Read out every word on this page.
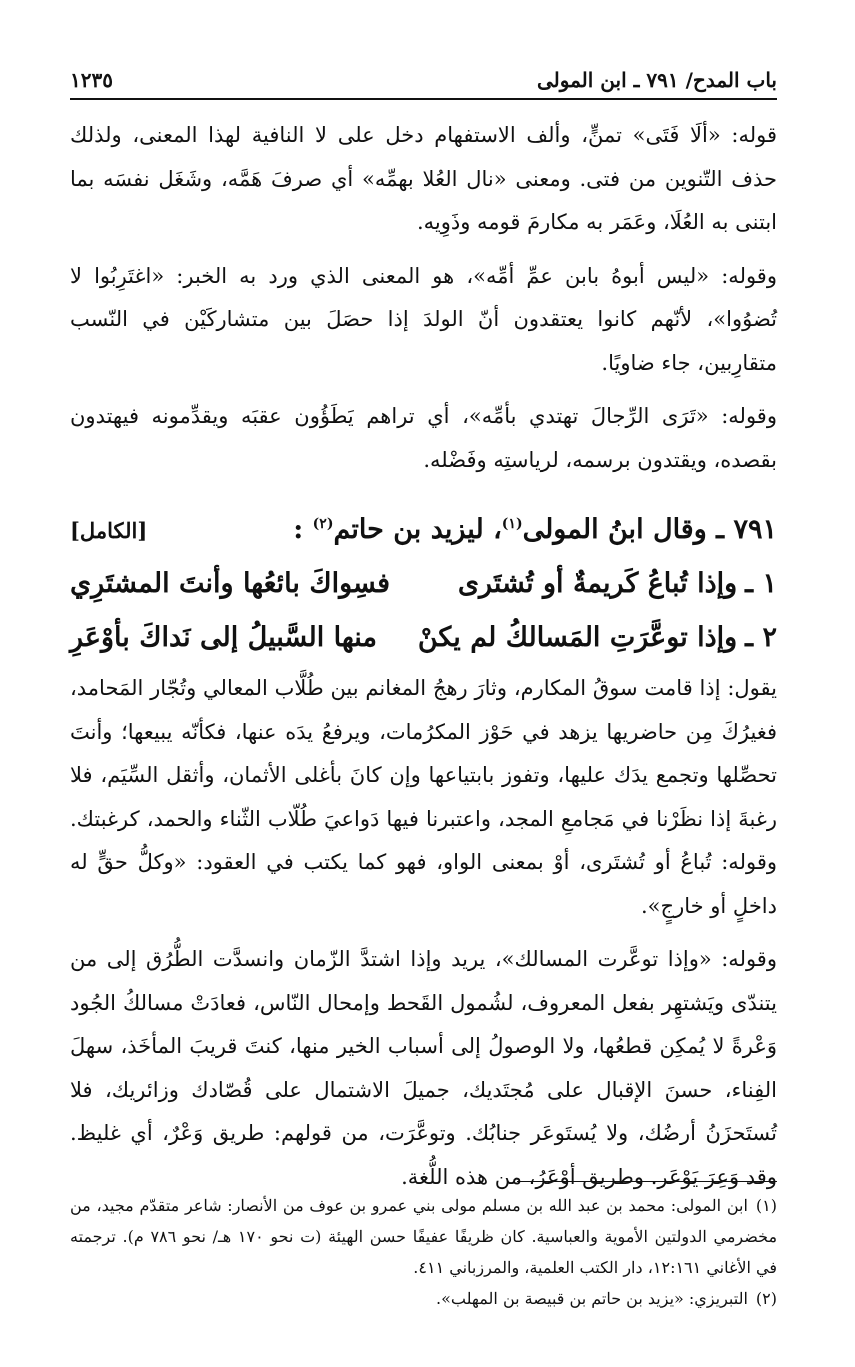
باب المدح/ ٧٩١ ـ ابن المولى
١٢٣٥

قوله: «ألَا فَتَى» تمنٍّ، وألف الاستفهام دخل على لا النافية لهذا المعنى، ولذلك حذف التّنوين من فتى. ومعنى «نال العُلا بهمِّه» أي صرفَ هَمَّه، وشَغَل نفسَه بما ابتنى به العُلَا، وعَمَر به مكارمَ قومه وذَوِيه.

وقوله: «ليس أبوهُ بابن عمِّ أمِّه»، هو المعنى الذي ورد به الخبر: «اغتَرِبُوا لا تُضوُوا»، لأنّهم كانوا يعتقدون أنّ الولدَ إذا حصَلَ بين متشاركَيْن في النّسب متقارِبين، جاء ضاويًا.

وقوله: «تَرَى الرِّجالَ تهتدي بأمِّه»، أي تراهم يَطَؤُون عقبَه ويقدِّمونه فيهتدون بقصده، ويقتدون برسمه، لرياستِه وفَضْله.

٧٩١ ـ وقال ابنُ المولى$^{(١)}$، ليزيد بن حاتم$^{(٢)}$ :
[الكامل]
١ ـ
وإذا تُباعُ كَريمةٌ أو تُشتَرى
فسِواكَ بائعُها وأنتَ المشتَرِي
٢ ـ
وإذا توعَّرَتِ المَسالكُ لم يكنْ
منها السَّبيلُ إلى نَداكَ بأوْعَرِ

يقول: إذا قامت سوقُ المكارم، وثارَ رهجُ المغانم بين طُلَّاب المعالي وتُجّار المَحامد، فغيرُكَ مِن حاضريها يزهد في حَوْز المكرُمات، ويرفعُ يدَه عنها، فكأنّه يبيعها؛ وأنتَ تحصِّلها وتجمع يدَك عليها، وتفوز بابتياعها وإن كانَ بأغلى الأثمان، وأثقل السِّيَم، فلا رغبةَ إذا نظَرْنا في مَجامعِ المجد، واعتبرنا فيها دَواعيَ طُلّاب الثّناء والحمد، كرغبتك. وقوله: تُباعُ أو تُشتَرى، أوْ بمعنى الواو، فهو كما يكتب في العقود: «وكلُّ حقٍّ له داخلٍ أو خارجٍ».

وقوله: «وإذا توعَّرت المسالك»، يريد وإذا اشتدَّ الزّمان وانسدَّت الطُّرُق إلى من يتندّى ويَشتهِر بفعل المعروف، لشُمول القَحط وإمحال النّاس، فعادَتْ مسالكُ الجُود وَعْرةً لا يُمكِن قطعُها، ولا الوصولُ إلى أسباب الخير منها، كنتَ قريبَ المأخَذ، سهلَ الفِناء، حسنَ الإقبال على مُجتَديك، جميلَ الاشتمال على قُصّادك وزائريك، فلا تُستَحزَنُ أرضُك، ولا يُستَوعَر جنابُك. وتوعَّرَت، من قولهم: طريق وَعْرٌ، أي غليظ. وقد وَعِرَ يَوْعَر. وطريق أوْعَرُ، من هذه اللُّغة.

(١)ابن المولى: محمد بن عبد الله بن مسلم مولى بني عمرو بن عوف من الأنصار: شاعر متقدّم مجيد، من مخضرمي الدولتين الأموية والعباسية. كان ظريفًا عفيفًا حسن الهيئة (ت نحو ١٧٠ هـ/ نحو ٧٨٦ م). ترجمته في الأغاني ١٢:١٦١، دار الكتب العلمية، والمرزباني ٤١١.

(٢)التبريزي: «يزيد بن حاتم بن قبيصة بن المهلب».
